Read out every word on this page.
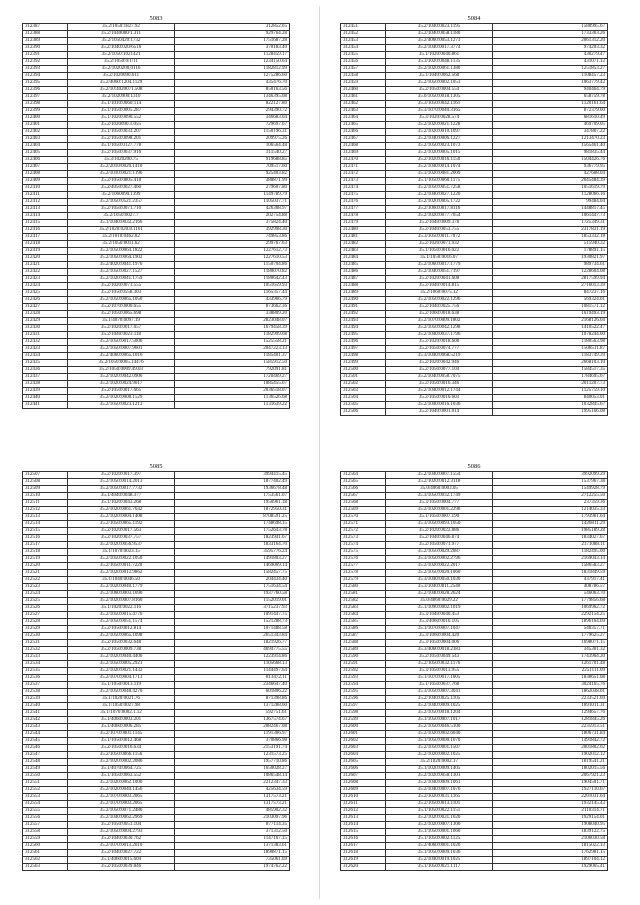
5083
312387	35.2/1050:1827.92	312852.65
312388	35.2/1040080/1.311	929764.28
312389	35.2/1050420:1732	1751687.28
312390	35.2/1040:020/6516	370183.40
312391	35.2/1050:1021421	1128459.17
312392	35.2/1050:0/1/11	1234150.64
312393	35.2/1020200,0116	1182812.99
312394	35.2/1020090.611	1275286.60
312395	35.2/4060:1204.1129	435476.70
312396	35.2/10:4020071.508	850163.56
312397	35.2/1020900:1310	1346395.08
312398	35.1/1010:0060:114	822127.80
312399	35.1/1050:0005.287	294390.72
312400	35.1/1020:0090.552	346683.04
312401	35.2/1020090.1.055	729697.67
312402	35.1/1050:0033.207	1150196.31
312403	35.2/1050:0098.201	209975.26
312404	35.1/1050:0127.778	106564.48
312405	35.2/1050:0037.916	311540.27
312406	35.3/1020200.75	919688.85
312407	35.2/2010/0020.1410	709517.60
312408	35.2/1010:0021:1196	925403.82
312409	35.2/1050:0805.418	380871.99
312410	35.2/4050:0027.460	279607.80
312411	35.2/1060090.1399	1149789.79
312412	35.2/1050:0521.2357	1105037.71
312413	35.2/1050:0071.710	426308.97
312414	35.2/1050:0027.7	202754.88
312415	35.1/1040:0032.2166	375824.40
312416	35.2/1020:020.8.1161	392998.30
312417	35.2/1010:0462.82	749853.86
312418	35.2/1050:0011.62	299767.63
312419	35.2/1050:0064.1822	1227612.73
312420	35.2/1050:0064.1902	1227610.53
312421	35.2/4020:0041.1976	1150704.86
312422	35.2/1050:0027.1527	1180070.82
312423	35.2/1020:0041.1759	1180642.43
312424	35.2/1020:0071.555	1051659.93
312425	35.2/1050:0558.303	1165357.44
312426	35.2/1050:0065.1050	433966.79
312427	35.2/1070:0000.655	873662.36
312428	35.2/1050:0065.698	338809.20
312429	35.1/4070:0097.19	2823048.07
312430	35.2/1020:0017.057	1679458.39
312431	35.2/1040:0023.118	1182999.68
312432	35.2/1050:0017.5006	1525558.21
312433	35.2/1050:0007.9601	2047223.13
312434	35.2/4060:0065.1016	1185401.37
312435	35.2/1050:0065.14476	1585912.50
312436	35.2/1050:0009.49.03	792091.81
312437	35.2/1020:0042.0906	1720469.27
312438	35.2/1020:0024.9017	1085455.07
312439	35.2/1050:0017.665	2036518.07
312440	35.2/1020:0008.1529	1136526.68
312441	35.2/1050:0023.1213	1131639.22
5084
312451	35.2/1040:0023.1195	1580995.67
312452	35.2/1040:0058.1180	1733303.26
312453	35.2/4060:0053.1273	2061312.20
312454	35.2/1040:0017.3774	974203.32
312455	35.1/1020:0040.861	430279.47
312456	35.3/1020:0048.1135	431071.12
312457	35.2/1020:0061.1380	1251853.27
312458	35.1/1040:0062.568	1108457.23
312459	35.2/1050:0002.1053	1063779.42
312460	35.2/1050:0004.554	940464.79
312461	35.0/1050:0018.1305	658759.78
312462	35.3/1050:0042.1161	1120161.64
312463	35.3/1070:0040.3165	872379.60
312464	35.3/1020:0028.574	681610.49
312465	35.2/1020:0021.1228	469709.05
312466	35.2/1020:0010.1097	347807.22
312467	35.2/1040:0006.1227	1213470.23
312468	35.2/1050:0023.1073	1565461.40
312469	35.2/1020:0005.1015	981835.44
312470	35.2/1020:0016.1150	1504426.76
312471	35.2/1040:0014.1074	936779.95
312472	35.3/1020:0081.2009	427608.04
312473	35.1/1050:0060.1175	2045484.39
312474	35.2/1050:0051.7258	1051619.79
312475	35.2/1040:0027.1226	1128066.16
312476	35.2/1020:0005.1722	99484.04
312477	35.2/1060:0017.8116	1448817.45
312478	35.2/1020:0077.7654	1061447.73
312479	35.2/1040:0009.378	1725349.31
312480	35.2/1040:0053.755	2317831.19
312481	35.3/1050:0011.7072	1853332.18
312482	35.2/1020:0071.932	515940.32
312483	35.1/1050:0016.022	178891.15
312484	35.1/1050:0016.07	1930821.97
312485	35.2/1060:0017.1779	989734.61
312486	35.2/1040:0051.7197	1228604.08
312487	35.2/1020:0041.608	2817599.94
312488	35.2/1040:0014.815	2716013.39
312489	35.2/1060:0075.12	847237.16
312490	35.2/1050:0022.1296	569324.01
312491	35.2/1040:0025.756	1081571.12
312492	35.2/1060:0018.638	1619493.19
312493	35.2/1070:0009.1802	2168126.04
312494	35.2/1050:0042.1298	1410522.47
312495	35.2/1040:0037.1796	1078244.60
312496	35.2/1020:0018.608	1180563.98
312497	35.2/1050:0074.777	1508511.87
312498	35.3/1040:0068.5219	1183749.39
312499	35.2/1020:0042.946	2668103.10
312500	35.2/1050:0077.104	1584517.35
312501	35.2/1040:0058.7075	1784695.67
312502	35.2/1050:0016.346	2011207.73
312503	35.2/1040:0012.1744	1125759.10
312504	35.2/1050:0016.603	840053.01
312505	35.2/1040:0016.1036	1032845.67
312506	35.2/1040:0001.014	1995166.08
5085
312507	35.2/1020:0017.397	3994415.45
312508	35.2/1050:0014.2013	1877402.49
312509	35.2/1050:0017.7732	1936678.48
312510	35.1/4040:0048.377	1753561.07
312511	35.1/1020:0043.268	1950961.18
312512	35.2/1020:0061.7642	1872950.31
312513	35.2/1020:0004.1408	8708591.25
312514	35.2/1050:0065.1192	1748698.15
312515	35.2/1020:0017.563	1752643.78
312516	35.2/1020:0037.757	1823941.67
312517	35.2/1020:0056.9537	1833164.70
312518	35.1/1070:0023.15	3595776.24
312519	35.2/1050:0022.1050	1491803.27
312520	35.2/1050:0011.7220	1469069.14
312521	35.2/1020:0012.9862	1582457.75
312522	35.1/1040:0046.50	204434.40
312523	35.2/1020:0040.1779	1751634.54
312524	35.2/1060:0003.1690	1937760.58
312525	35.2/1020:0007.8160	1152019.01
312526	35.1/1020:0022.116	3715237.93
312527	35.2/1050:0015.4776	1091447.75
312528	35.2/1050:0051.1574	1521288.73
312529	35.2/1050:0012.814	1071488.58
312530	35.2/1050:0065.1098	2651343.84
312531	35.2/1050:0032.648	1821926.77
312532	35.2/1050:0009.738	4694775.55
312533	35.2/1020:0040.4406	1223914.86
312534	35.2/1050:0005.2921	1105668.13
312535	35.2/1020:0021.1432	1144497.64
312536	35.2/1070:0004.1713	813472.11
312537	35.1/1050:0013.119	2346647.40
312538	35.2/1050:0048.4270	601806.22
312539	35.1/1020:0021.76	871398.86
312540	35.1/1050:0027.98	1371288.60
312541	35.1/1070:0002.1.12	592751.61
312542	35.1/4060:0003.201	1367574.67
312543	35.1/4060:0006.285	2082467.08
312544	35.2/1070:0001.1145	1191306.97
312545	35.1/1050:0012.468	370866.98
312546	35.2/1050:0016.634	2153191.74
312547	35.2/1050:0066.1156	1231573.25
312548	35.2/1020:0002.2086	1957710.86
312549	35.1/4070:0064.725	1650028.27
312550	35.1/1050:0063.552	1086548.14
312551	35.2/1020:0062.1000	2212347.33
312552	35.2/1020:0040.1456	425634.59
312553	35.2/1070:0003.2065	1317573.21
312554	35.2/1070:0003.2065	1317573.21
312555	35.2/1050:0071.2486	485902.32
312556	35.2/1040:0062.2969	2103097.96
312557	35.2/1050:0051.104	877114.35
312558	35.2/1050:0004.2793	371312.50
312559	35.2/1040:0030.762	1147167.15
312560	35.2/1070:0013.2010	1371383.61
312561	35.2/1040:0027.722	1890871.15
312562	35.1/4060:0015.604	735061.69
312563	35.2/1050:0039.846	1974762.22
5086
312564	35.2/1040:0007.1554	3992099.29
312565	35.2/1020:0012.3118	1537967.38
312566	35.0/4060:0003.05	1549928.79
312567	35.3/1050:0032.1749	2712255.50
312568	35.3/1050:0004.777	237359.36
312569	35.2/1020:0001.2298	1214035.33
312570	35.1/1050:0007.190	1793961.64
312571	35.3/1050:0093.1050	1426811.29
312572	35.2/1020:0022.886	1985189.28
312573	35.2/1040:0046.874	1834027.67
312574	35.2/1050:0071.977	2171088.11
312575	35.2/1050:0029.2087	1182495.00
312576	35.3/1050:0002.2796	2169043.14
312577	35.2/1020:0022.2017	1586583.27
312578	35.2/1050:0020.1060	1831849.59
312579	35.3/1040:0050.1030	437917.41
312580	35.3/1040:0011.2540	408786.57
312581	35.2/1040:0028.2624	546063.70
312582	35.0/4060:0029.22	1779856.68
312583	35.1/1090:0002.1019	1069962.72
312584	35.3/1040:0040.453	2292154.25
312585	35.3/4060:0016.105	1896164.69
312586	35.1/1070:0007.1047	540357.71
312587	35.3/1060:0004.420	1779625.27
312588	35.3/1050:0004.006	1698071.15
312589	35.3/4060:0018.2383	345301.32
312590	35.2/1050:0049.543	1743964.20
312591	35.2/1050:0032.1176	1261701.48
312592	35.3/1050:0013.955	2251111.09
312593	35.1/1070:0017.1005	1838651.68
312594	35.1/1050:0037.768	3024165.76
312595	35.3/1050:0007.3041	1862038.01
312596	35.2/1040:0025.1105	2233521.69
312597	35.2/1040:0009.1025	1891011.31
312598	35.2/1050:0018.1204	1294657.76
312599	35.1/1050:0007.1017	1281845.26
312600	35.2/1050:0046.5100	2235913.51
312601	35.2/1020:0002.6040	1806731.84
312602	35.1/1050:0000.1070	1491842.72
312603	35.2/1050:0001.1507	2001802.02
312604	35.2/1020:0002.1025	1902012.12
312605	35.2/1020:0002.17	1819541.21
312606	35.1/1020:0009.1405	1802015.56
312607	35.2/1020:0058.1301	2067921.23
312608	35.2/1040:0009.1061	1904501.71
312609	35.2/1040:0007.1076	1927110.67
312610	35.2/1020:0031.1165	2201031.64
312611	35.2/1050:0013.1101	1932145.43
312612	35.1/1050:0022.1151	2110314.71
312613	35.2/1020:0031.1020	1929154.01
312614	35.2/1020:0007.1306	1908040.95
312615	35.1/1050:0001.1060	1839122.75
312616	35.1/1050:0002.1125	2106030.58
312617	35.2/4060:0001.1026	1815022.13
312618	35.1/1050:0009.1036	1762981.15
312619	35.2/1040:0019.1025	1897104.12
312620	35.1/1050:0021.1117	1929065.41
